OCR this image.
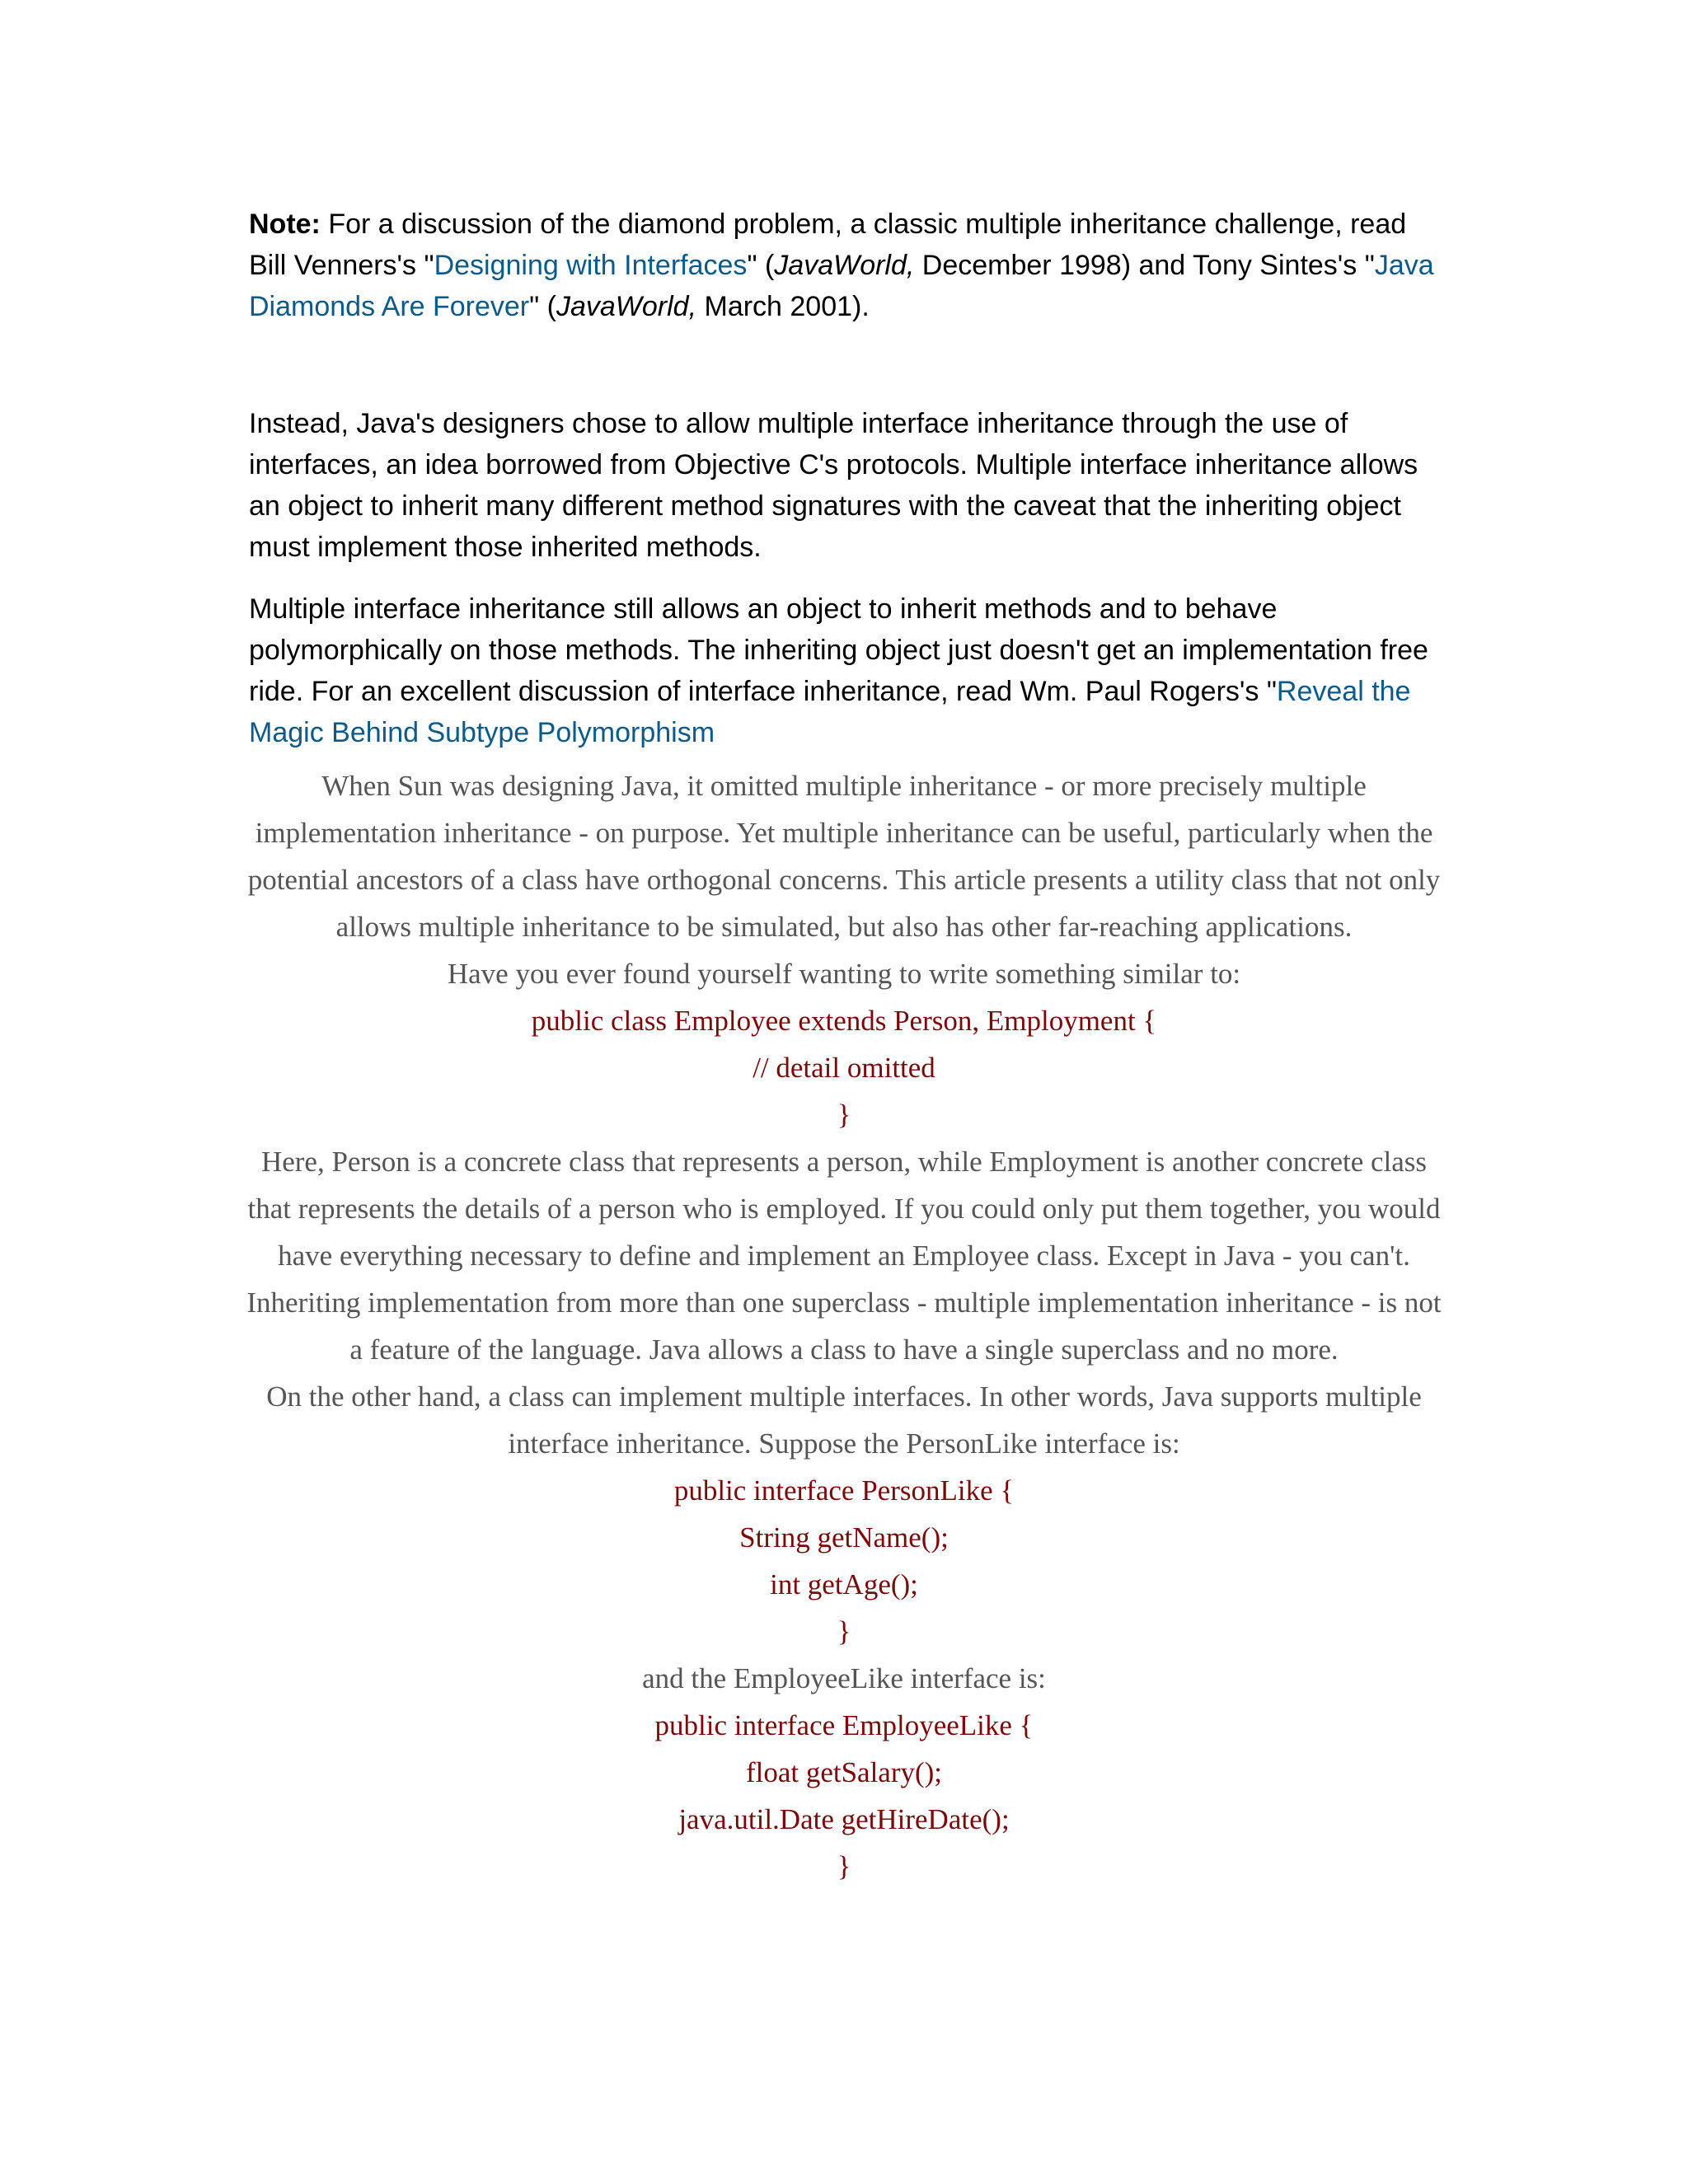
Note: For a discussion of the diamond problem, a classic multiple inheritance challenge, read Bill Venners's "Designing with Interfaces" (JavaWorld, December 1998) and Tony Sintes's "Java Diamonds Are Forever" (JavaWorld, March 2001).

Instead, Java's designers chose to allow multiple interface inheritance through the use of interfaces, an idea borrowed from Objective C's protocols. Multiple interface inheritance allows an object to inherit many different method signatures with the caveat that the inheriting object must implement those inherited methods.

Multiple interface inheritance still allows an object to inherit methods and to behave polymorphically on those methods. The inheriting object just doesn't get an implementation free ride. For an excellent discussion of interface inheritance, read Wm. Paul Rogers's "Reveal the Magic Behind Subtype Polymorphism

When Sun was designing Java, it omitted multiple inheritance - or more precisely multiple implementation inheritance - on purpose. Yet multiple inheritance can be useful, particularly when the potential ancestors of a class have orthogonal concerns. This article presents a utility class that not only allows multiple inheritance to be simulated, but also has other far-reaching applications.

Have you ever found yourself wanting to write something similar to:

public class Employee extends Person, Employment {

// detail omitted

}

Here, Person is a concrete class that represents a person, while Employment is another concrete class that represents the details of a person who is employed. If you could only put them together, you would have everything necessary to define and implement an Employee class. Except in Java - you can't. Inheriting implementation from more than one superclass - multiple implementation inheritance - is not a feature of the language. Java allows a class to have a single superclass and no more.

On the other hand, a class can implement multiple interfaces. In other words, Java supports multiple interface inheritance. Suppose the PersonLike interface is:

public interface PersonLike {

String getName();

int getAge();

}

and the EmployeeLike interface is:

public interface EmployeeLike {

float getSalary();

java.util.Date getHireDate();

}
